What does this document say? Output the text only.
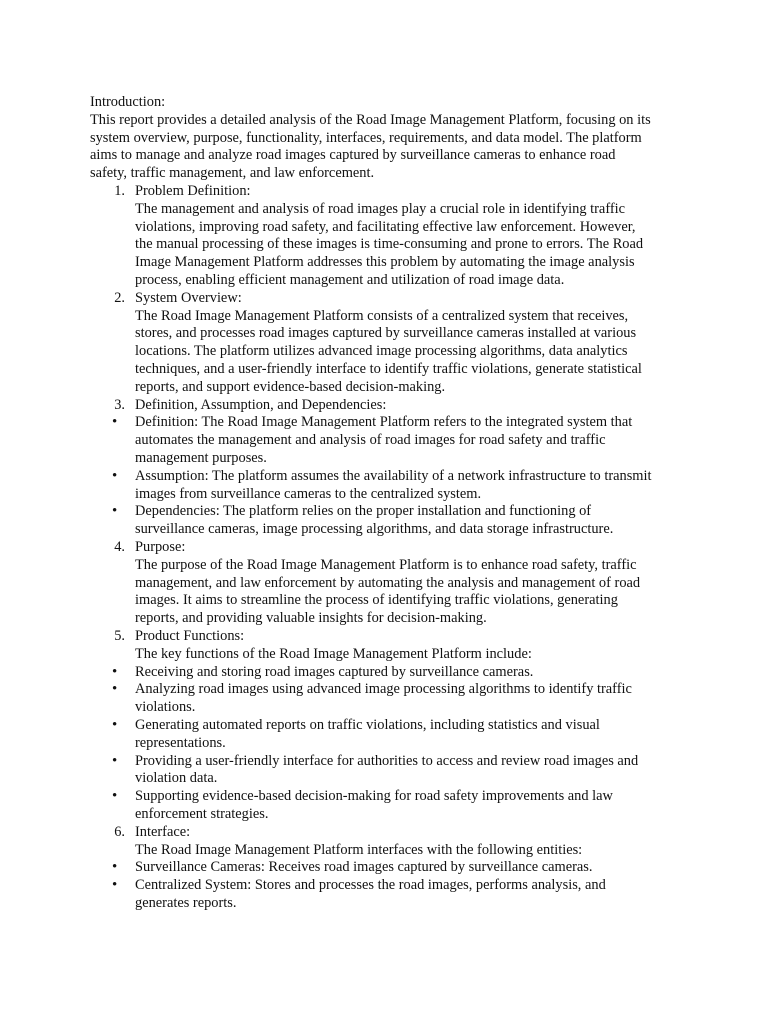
Introduction:
This report provides a detailed analysis of the Road Image Management Platform, focusing on its
system overview, purpose, functionality, interfaces, requirements, and data model. The platform
aims to manage and analyze road images captured by surveillance cameras to enhance road
safety, traffic management, and law enforcement.
1. Problem Definition:
The management and analysis of road images play a crucial role in identifying traffic
violations, improving road safety, and facilitating effective law enforcement. However,
the manual processing of these images is time-consuming and prone to errors. The Road
Image Management Platform addresses this problem by automating the image analysis
process, enabling efficient management and utilization of road image data.
2. System Overview:
The Road Image Management Platform consists of a centralized system that receives,
stores, and processes road images captured by surveillance cameras installed at various
locations. The platform utilizes advanced image processing algorithms, data analytics
techniques, and a user-friendly interface to identify traffic violations, generate statistical
reports, and support evidence-based decision-making.
3. Definition, Assumption, and Dependencies:
• Definition: The Road Image Management Platform refers to the integrated system that
automates the management and analysis of road images for road safety and traffic
management purposes.
• Assumption: The platform assumes the availability of a network infrastructure to transmit
images from surveillance cameras to the centralized system.
• Dependencies: The platform relies on the proper installation and functioning of
surveillance cameras, image processing algorithms, and data storage infrastructure.
4. Purpose:
The purpose of the Road Image Management Platform is to enhance road safety, traffic
management, and law enforcement by automating the analysis and management of road
images. It aims to streamline the process of identifying traffic violations, generating
reports, and providing valuable insights for decision-making.
5. Product Functions:
The key functions of the Road Image Management Platform include:
• Receiving and storing road images captured by surveillance cameras.
• Analyzing road images using advanced image processing algorithms to identify traffic
violations.
• Generating automated reports on traffic violations, including statistics and visual
representations.
• Providing a user-friendly interface for authorities to access and review road images and
violation data.
• Supporting evidence-based decision-making for road safety improvements and law
enforcement strategies.
6. Interface:
The Road Image Management Platform interfaces with the following entities:
• Surveillance Cameras: Receives road images captured by surveillance cameras.
• Centralized System: Stores and processes the road images, performs analysis, and
generates reports.
